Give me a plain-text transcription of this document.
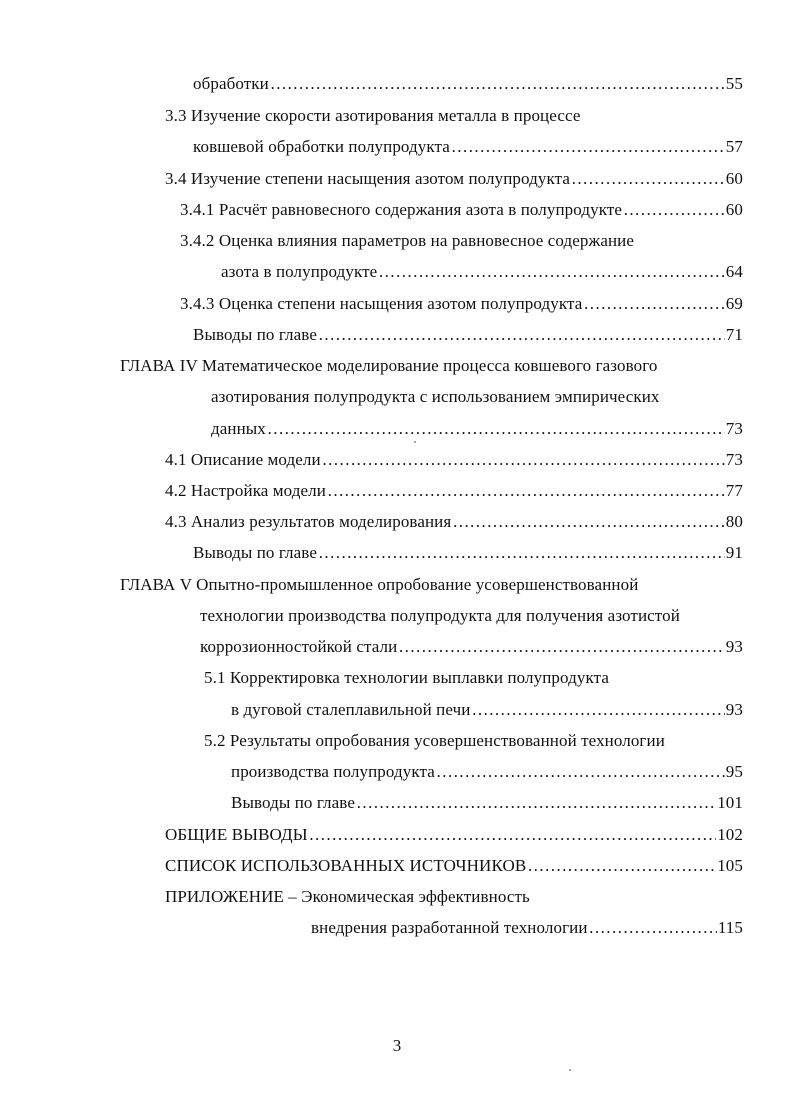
обработки …………………………………………………………………………………………………………………………………………………………………………	55
3.3 Изучение скорости азотирования металла в процессе
ковшевой обработки полупродукта …………………………………………………………………………………………………………………………………………………………………………	57
3.4 Изучение степени насыщения азотом полупродукта …………………………………………………………………………………………………………………………………………………………………………	60
3.4.1 Расчёт равновесного содержания азота в полупродукте …………………………………………………………………………………………………………………………………………………………………………	60
3.4.2 Оценка влияния параметров на равновесное содержание
азота в полупродукте …………………………………………………………………………………………………………………………………………………………………………	64
3.4.3 Оценка степени насыщения азотом полупродукта …………………………………………………………………………………………………………………………………………………………………………	69
Выводы по главе …………………………………………………………………………………………………………………………………………………………………………	71
ГЛАВА IV Математическое моделирование процесса ковшевого газового
азотирования полупродукта с использованием эмпирических
данных …………………………………………………………………………………………………………………………………………………………………………	73
4.1 Описание модели …………………………………………………………………………………………………………………………………………………………………………	73
4.2 Настройка модели …………………………………………………………………………………………………………………………………………………………………………	77
4.3 Анализ результатов моделирования …………………………………………………………………………………………………………………………………………………………………………	80
Выводы по главе …………………………………………………………………………………………………………………………………………………………………………	91
ГЛАВА V Опытно-промышленное опробование усовершенствованной
технологии производства полупродукта для получения азотистой
коррозионностойкой стали …………………………………………………………………………………………………………………………………………………………………………	93
5.1 Корректировка технологии выплавки полупродукта
в дуговой сталеплавильной печи …………………………………………………………………………………………………………………………………………………………………………	93
5.2 Результаты опробования усовершенствованной технологии
производства полупродукта …………………………………………………………………………………………………………………………………………………………………………	95
Выводы по главе …………………………………………………………………………………………………………………………………………………………………………	101
ОБЩИЕ ВЫВОДЫ …………………………………………………………………………………………………………………………………………………………………………	102
СПИСОК ИСПОЛЬЗОВАННЫХ ИСТОЧНИКОВ …………………………………………………………………………………………………………………………………………………………………………	105
ПРИЛОЖЕНИЕ – Экономическая эффективность
внедрения разработанной технологии …………………………………………………………………………………………………………………………………………………………………………	115
3
